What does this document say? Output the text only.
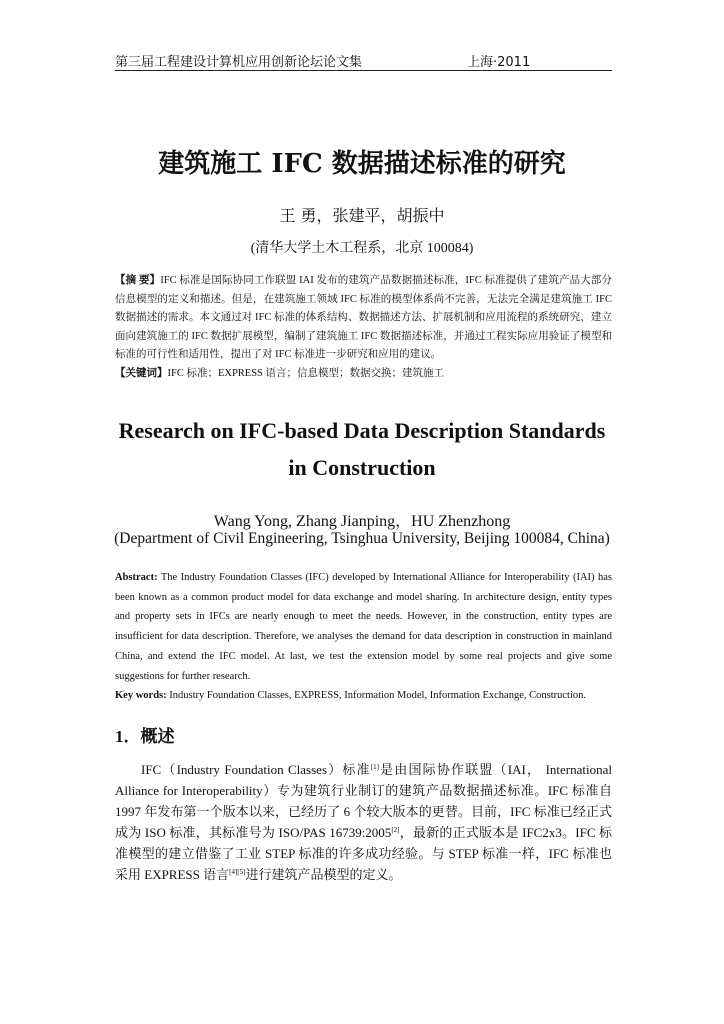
第三届工程建设计算机应用创新论坛论文集	上海·2011
建筑施工 IFC 数据描述标准的研究
王 勇，张建平，胡振中
(清华大学土木工程系，北京 100084)
【摘 要】IFC 标准是国际协同工作联盟 IAI 发布的建筑产品数据描述标准，IFC 标准提供了建筑产品大部分信息模型的定义和描述。但是，在建筑施工领域 IFC 标准的模型体系尚不完善，无法完全满足建筑施工 IFC 数据描述的需求。本文通过对 IFC 标准的体系结构、数据描述方法、扩展机制和应用流程的系统研究，建立面向建筑施工的 IFC 数据扩展模型，编制了建筑施工 IFC 数据描述标准，并通过工程实际应用验证了模型和标准的可行性和适用性，提出了对 IFC 标准进一步研究和应用的建议。
【关键词】IFC 标准；EXPRESS 语言；信息模型；数据交换；建筑施工
Research on IFC-based Data Description Standards
in Construction
Wang Yong, Zhang Jianping，HU Zhenzhong
(Department of Civil Engineering, Tsinghua University, Beijing 100084, China)
Abstract: The Industry Foundation Classes (IFC) developed by International Alliance for Interoperability (IAI) has been known as a common product model for data exchange and model sharing. In architecture design, entity types and property sets in IFCs are nearly enough to meet the needs. However, in the construction, entity types are insufficient for data description. Therefore, we analyses the demand for data description in construction in mainland China, and extend the IFC model. At last, we test the extension model by some real projects and give some suggestions for further research.
Key words: Industry Foundation Classes, EXPRESS, Information Model, Information Exchange, Construction.
1．概述

IFC（Industry Foundation Classes）标准[1]是由国际协作联盟（IAI， International Alliance for Interoperability）专为建筑行业制订的建筑产品数据描述标准。IFC 标准自 1997 年发布第一个版本以来，已经历了 6 个较大版本的更替。目前，IFC 标准已经正式成为 ISO 标准，其标准号为 ISO/PAS 16739:2005[2]，最新的正式版本是 IFC2x3。IFC 标准模型的建立借鉴了工业 STEP 标准的许多成功经验。与 STEP 标准一样，IFC 标准也采用 EXPRESS 语言[4][5]进行建筑产品模型的定义。
